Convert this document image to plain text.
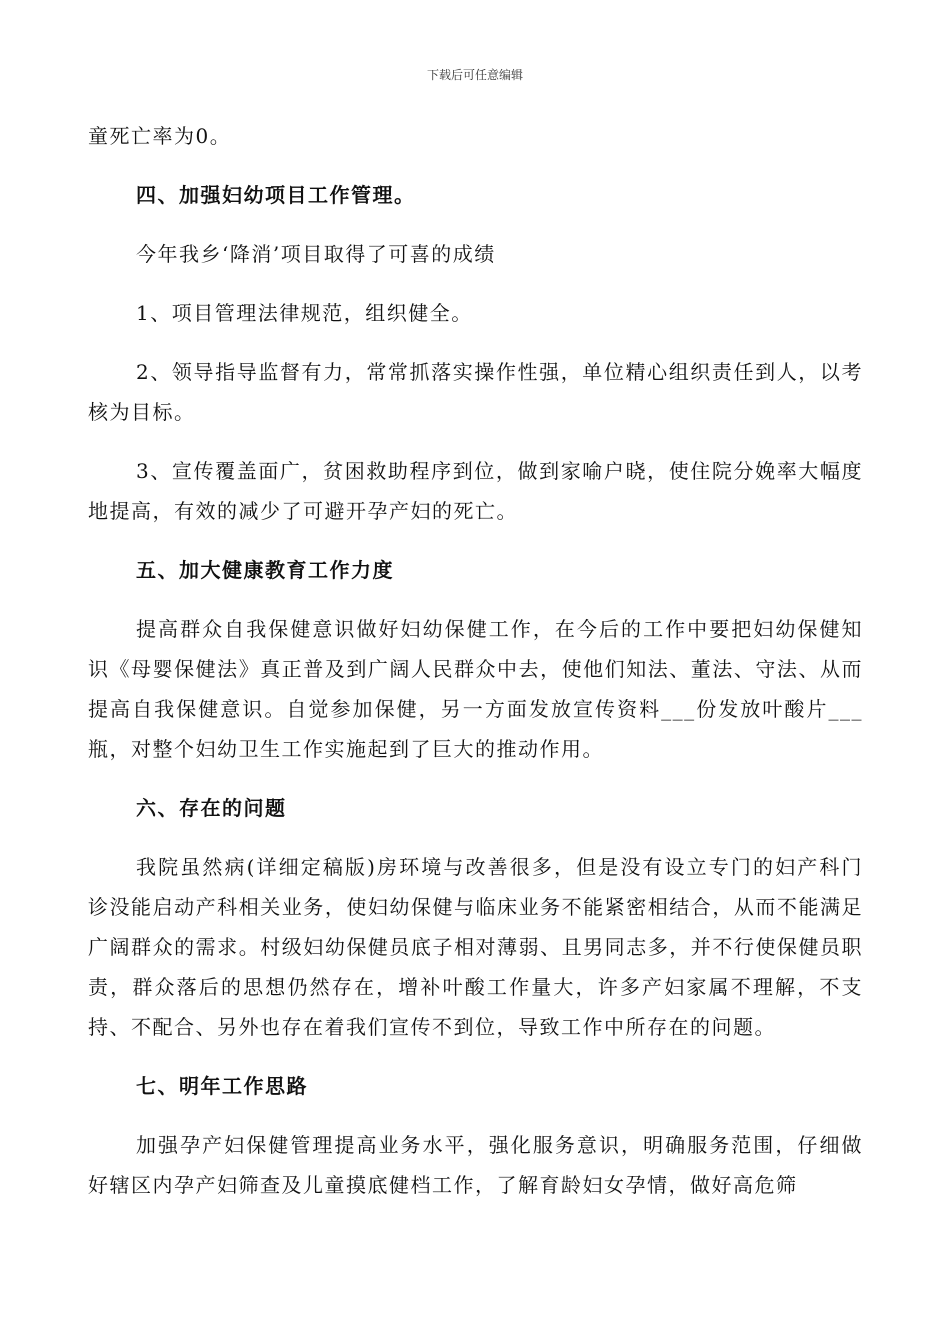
下载后可任意编辑

童死亡率为0。

四、加强妇幼项目工作管理。

今年我乡‘降消’项目取得了可喜的成绩

1、项目管理法律规范，组织健全。

2、领导指导监督有力，常常抓落实操作性强，单位精心组织责任到人，以考核为目标。

3、宣传覆盖面广，贫困救助程序到位，做到家喻户晓，使住院分娩率大幅度地提高，有效的减少了可避开孕产妇的死亡。

五、加大健康教育工作力度

提高群众自我保健意识做好妇幼保健工作，在今后的工作中要把妇幼保健知识《母婴保健法》真正普及到广阔人民群众中去，使他们知法、董法、守法、从而提高自我保健意识。自觉参加保健，另一方面发放宣传资料___份发放叶酸片___瓶，对整个妇幼卫生工作实施起到了巨大的推动作用。

六、存在的问题

我院虽然病(详细定稿版)房环境与改善很多，但是没有设立专门的妇产科门诊没能启动产科相关业务，使妇幼保健与临床业务不能紧密相结合，从而不能满足广阔群众的需求。村级妇幼保健员底子相对薄弱、且男同志多，并不行使保健员职责，群众落后的思想仍然存在，增补叶酸工作量大，许多产妇家属不理解，不支持、不配合、另外也存在着我们宣传不到位，导致工作中所存在的问题。

七、明年工作思路

加强孕产妇保健管理提高业务水平，强化服务意识，明确服务范围，仔细做好辖区内孕产妇筛查及儿童摸底健档工作，了解育龄妇女孕情，做好高危筛
